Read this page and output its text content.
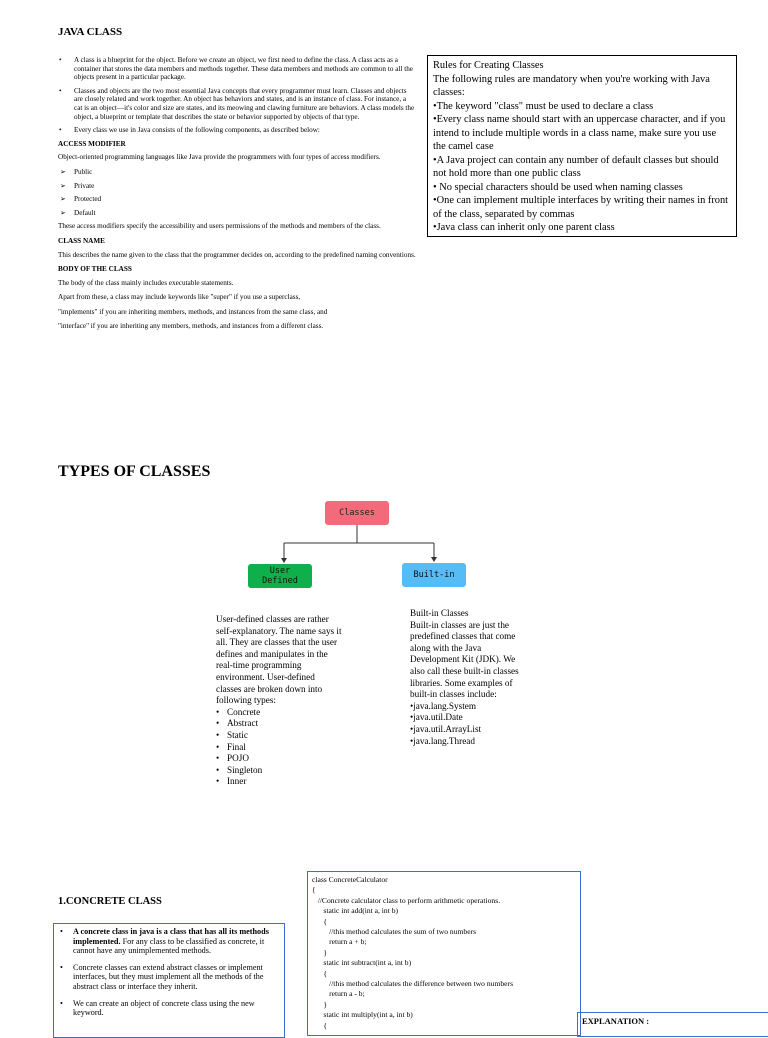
JAVA CLASS
• A class is a blueprint for the object. Before we create an object, we first need to define the class. A class acts as a container that stores the data members and methods together. These data members and methods are common to all the objects present in a particular package.
• Classes and objects are the two most essential Java concepts that every programmer must learn. Classes and objects are closely related and work together. An object has behaviors and states, and is an instance of class. For instance, a cat is an object—it's color and size are states, and its meowing and clawing furniture are behaviors. A class models the object, a blueprint or template that describes the state or behavior supported by objects of that type.
• Every class we use in Java consists of the following components, as described below:
ACCESS MODIFIER

Object-oriented programming languages like Java provide the programmers with four types of access modifiers.

➢ Public
➢ Private
➢ Protected
➢ Default

These access modifiers specify the accessibility and users permissions of the methods and members of the class.

CLASS NAME

This describes the name given to the class that the programmer decides on, according to the predefined naming conventions.

BODY OF THE CLASS

The body of the class mainly includes executable statements.

Apart from these, a class may include keywords like "super" if you use a superclass,

"implements" if you are inheriting members, methods, and instances from the same class, and

"interface" if you are inheriting any members, methods, and instances from a different class.

Rules for Creating Classes
The following rules are mandatory when you're working with Java classes:
•The keyword "class" must be used to declare a class
•Every class name should start with an uppercase character, and if you intend to include multiple words in a class name, make sure you use the camel case
•A Java project can contain any number of default classes but should not hold more than one public class
• No special characters should be used when naming classes
•One can implement multiple interfaces by writing their names in front of the class, separated by commas
•Java class can inherit only one parent class
TYPES OF CLASSES
Classes
User
Defined
Built-in
User-defined classes are rather self-explanatory. The name says it all. They are classes that the user defines and manipulates in the real-time programming environment. User-defined classes are broken down into following types:
• Concrete
• Abstract
• Static
• Final
• POJO
• Singleton
• Inner
Built-in Classes
Built-in classes are just the predefined classes that come along with the Java Development Kit (JDK). We also call these built-in classes libraries. Some examples of built-in classes include:
•java.lang.System
•java.util.Date
•java.util.ArrayList
•java.lang.Thread
1.CONCRETE CLASS
• A concrete class in java is a class that has all its methods implemented. For any class to be classified as concrete, it cannot have any unimplemented methods.
• Concrete classes can extend abstract classes or implement interfaces, but they must implement all the methods of the abstract class or interface they inherit.
• We can create an object of concrete class using the new keyword.
class ConcreteCalculator
{
//Concrete calculator class to perform arithmetic operations.
static int add(int a, int b)
{
//this method calculates the sum of two numbers
return a + b;
}
static int subtract(int a, int b)
{
//this method calculates the difference between two numbers
return a - b;
}
static int multiply(int a, int b)
{	EXPLANATION :
